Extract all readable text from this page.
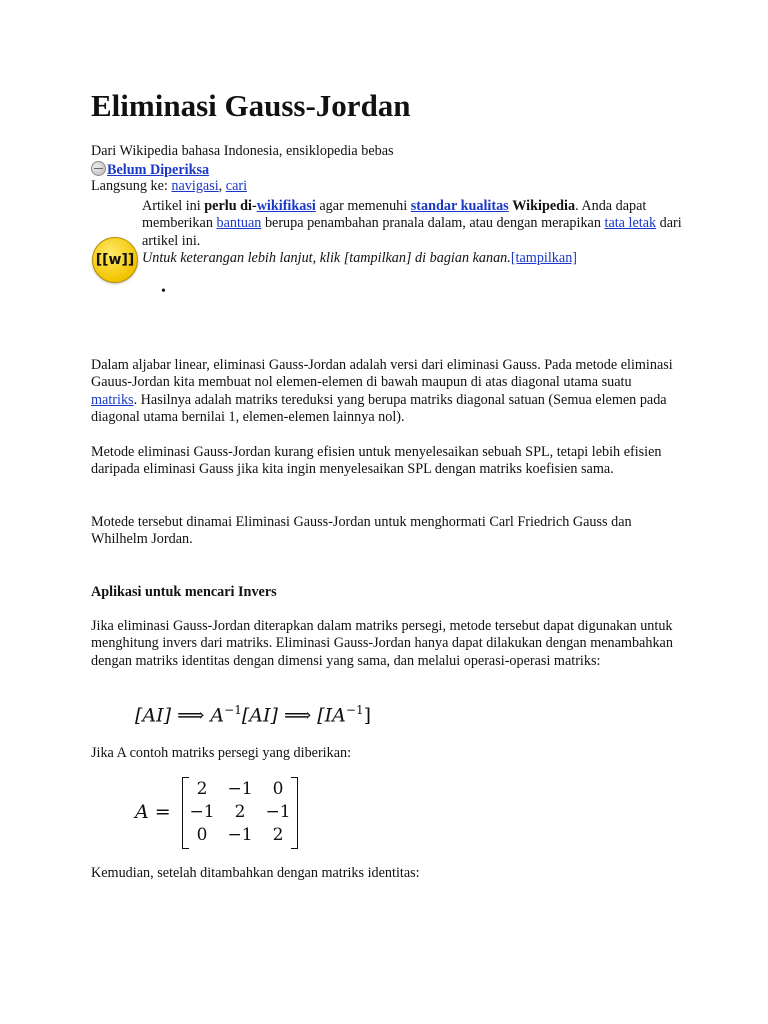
Eliminasi Gauss-Jordan
Dari Wikipedia bahasa Indonesia, ensiklopedia bebas
Belum Diperiksa
Langsung ke: navigasi, cari
[[w]]
Artikel ini perlu di-wikifikasi agar memenuhi standar kualitas Wikipedia. Anda dapat memberikan bantuan berupa penambahan pranala dalam, atau dengan merapikan tata letak dari artikel ini.
Untuk keterangan lebih lanjut, klik [tampilkan] di bagian kanan.[tampilkan]
•
Dalam aljabar linear, eliminasi Gauss-Jordan adalah versi dari eliminasi Gauss. Pada metode eliminasi Gauus-Jordan kita membuat nol elemen-elemen di bawah maupun di atas diagonal utama suatu matriks. Hasilnya adalah matriks tereduksi yang berupa matriks diagonal satuan (Semua elemen pada diagonal utama bernilai 1, elemen-elemen lainnya nol).
Metode eliminasi Gauss-Jordan kurang efisien untuk menyelesaikan sebuah SPL, tetapi lebih efisien daripada eliminasi Gauss jika kita ingin menyelesaikan SPL dengan matriks koefisien sama.
Motede tersebut dinamai Eliminasi Gauss-Jordan untuk menghormati Carl Friedrich Gauss dan Whilhelm Jordan.
Aplikasi untuk mencari Invers
Jika eliminasi Gauss-Jordan diterapkan dalam matriks persegi, metode tersebut dapat digunakan untuk menghitung invers dari matriks. Eliminasi Gauss-Jordan hanya dapat dilakukan dengan menambahkan dengan matriks identitas dengan dimensi yang sama, dan melalui operasi-operasi matriks:
[AI] ⟹ $A^{-1}[AI]$ ⟹ $[IA^{-1}]$
Jika A contoh matriks persegi yang diberikan:
A =
2	−1	0
−1	2	−1
0	−1	2
Kemudian, setelah ditambahkan dengan matriks identitas:
